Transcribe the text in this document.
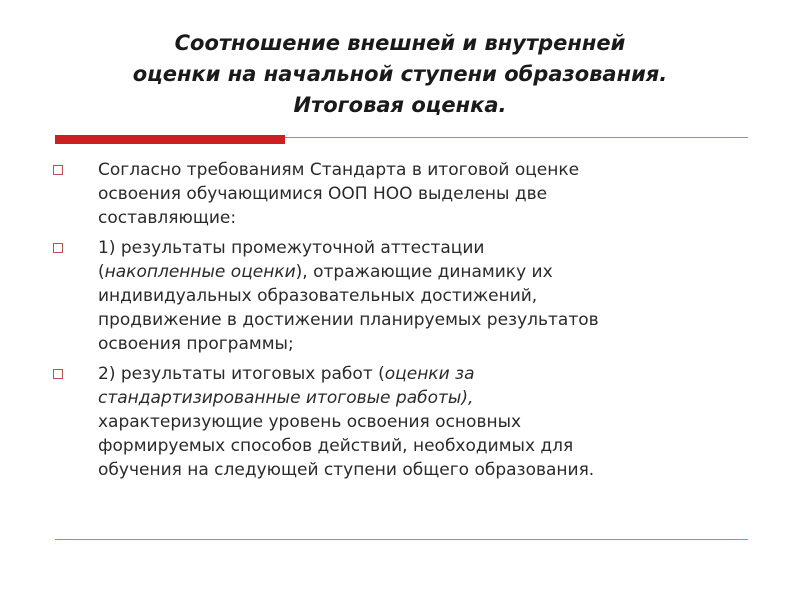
Соотношение внешней и внутренней
оценки на начальной ступени образования.
Итоговая оценка.
Согласно требованиям Стандарта в итоговой оценке
освоения обучающимися ООП НОО выделены две
составляющие:
1) результаты промежуточной аттестации
(накопленные оценки), отражающие динамику их
индивидуальных образовательных достижений,
продвижение в достижении планируемых результатов
освоения программы;
2) результаты итоговых работ (оценки за
стандартизированные итоговые работы),
характеризующие уровень освоения основных
формируемых способов действий, необходимых для
обучения на следующей ступени общего образования.
